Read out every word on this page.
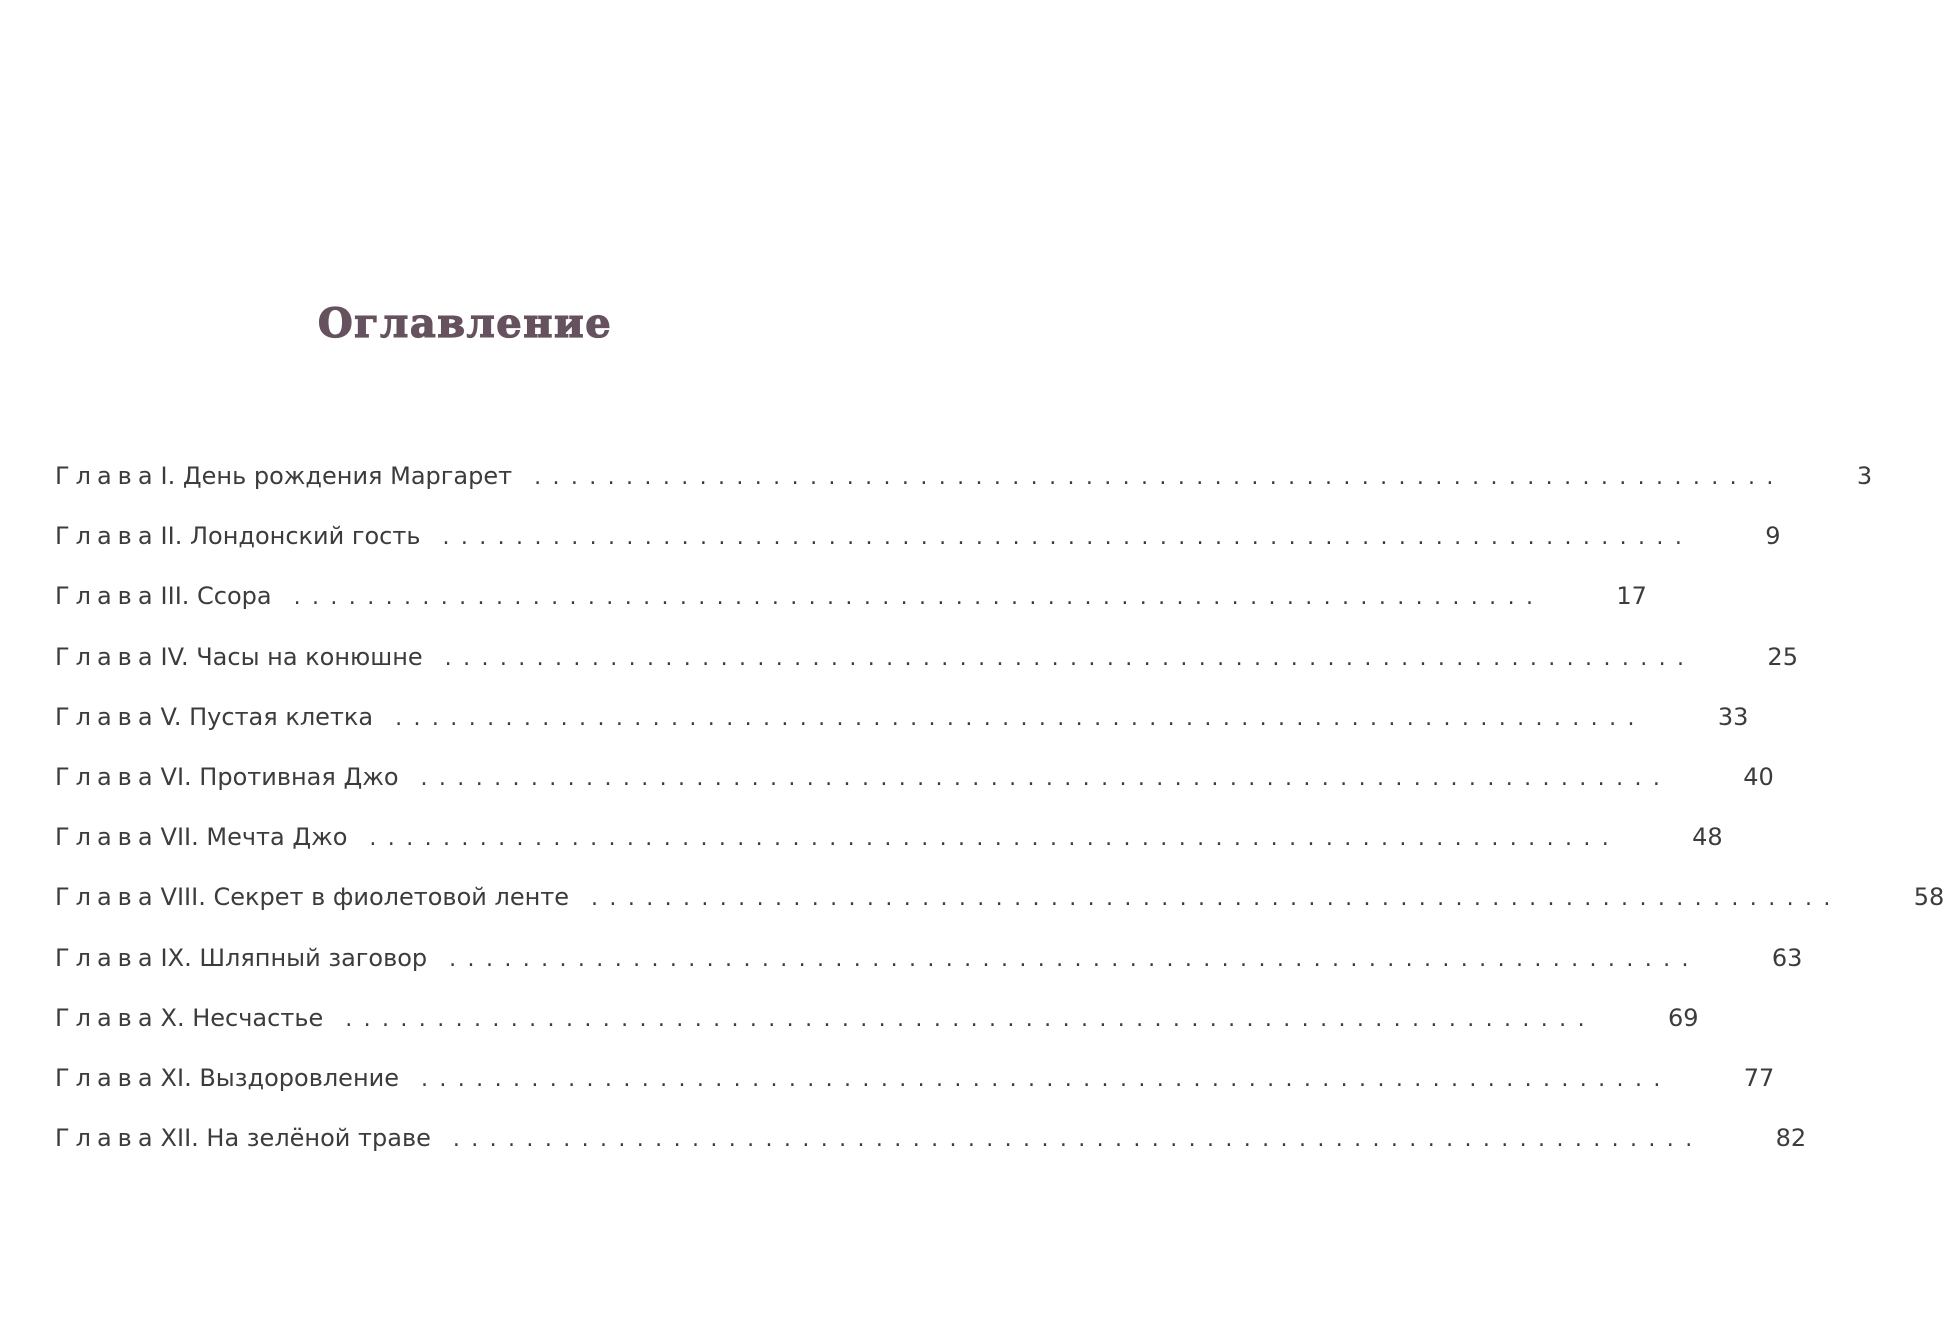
Оглавление
Глава I. День рождения Маргарет ....................................................................	3
Глава II. Лондонский гость ....................................................................	9
Глава III. Ссора ....................................................................	17
Глава IV. Часы на конюшне ....................................................................	25
Глава V. Пустая клетка ....................................................................	33
Глава VI. Противная Джо ....................................................................	40
Глава VII. Мечта Джо ....................................................................	48
Глава VIII. Секрет в фиолетовой ленте ....................................................................	58
Глава IX. Шляпный заговор ....................................................................	63
Глава X. Несчастье ....................................................................	69
Глава XI. Выздоровление ....................................................................	77
Глава XII. На зелёной траве ....................................................................	82
